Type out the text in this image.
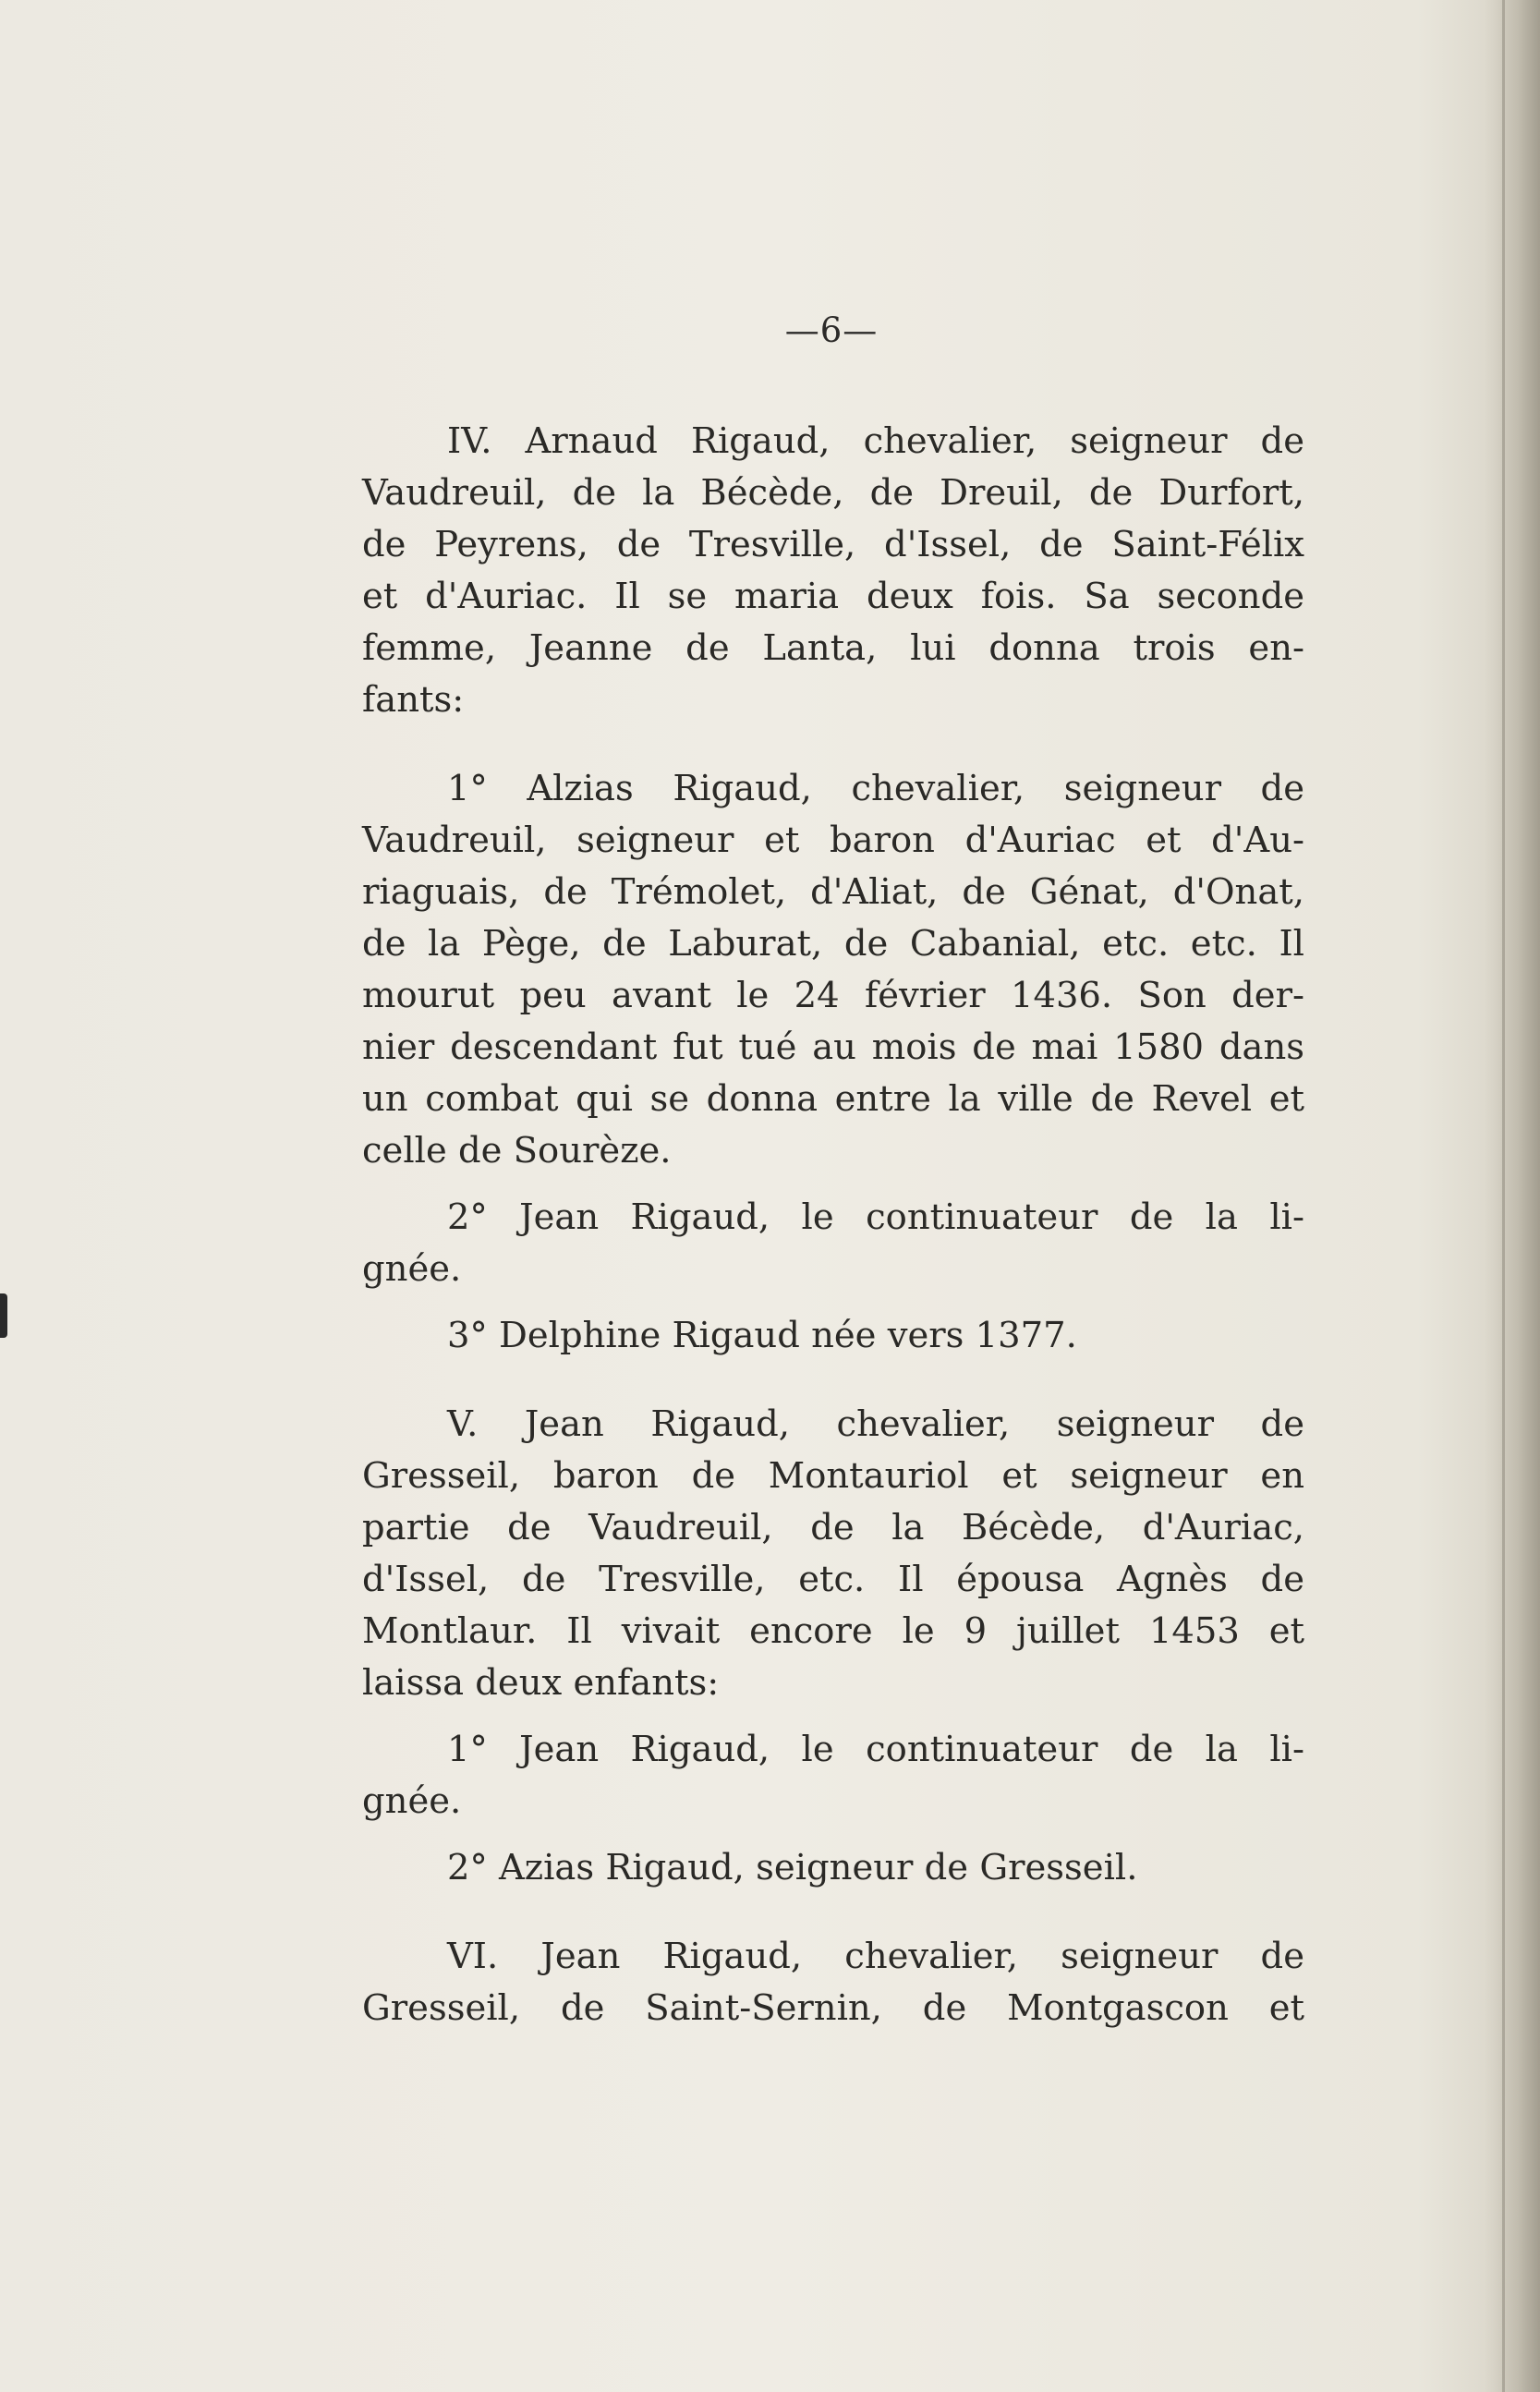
—6—

IV. Arnaud Rigaud, chevalier, seigneur de
Vaudreuil, de la Bécède, de Dreuil, de Durfort,
de Peyrens, de Tresville, d'Issel, de Saint-Félix
et d'Auriac. Il se maria deux fois. Sa seconde
femme, Jeanne de Lanta, lui donna trois en-
fants:

1° Alzias Rigaud, chevalier, seigneur de
Vaudreuil, seigneur et baron d'Auriac et d'Au-
riaguais, de Trémolet, d'Aliat, de Génat, d'Onat,
de la Pège, de Laburat, de Cabanial, etc. etc. Il
mourut peu avant le 24 février 1436. Son der-
nier descendant fut tué au mois de mai 1580 dans
un combat qui se donna entre la ville de Revel et
celle de Sourèze.

2° Jean Rigaud, le continuateur de la li-
gnée.

3° Delphine Rigaud née vers 1377.

V. Jean Rigaud, chevalier, seigneur de
Gresseil, baron de Montauriol et seigneur en
partie de Vaudreuil, de la Bécède, d'Auriac,
d'Issel, de Tresville, etc. Il épousa Agnès de
Montlaur. Il vivait encore le 9 juillet 1453 et
laissa deux enfants:

1° Jean Rigaud, le continuateur de la li-
gnée.

2° Azias Rigaud, seigneur de Gresseil.

VI. Jean Rigaud, chevalier, seigneur de
Gresseil, de Saint-Sernin, de Montgascon et
